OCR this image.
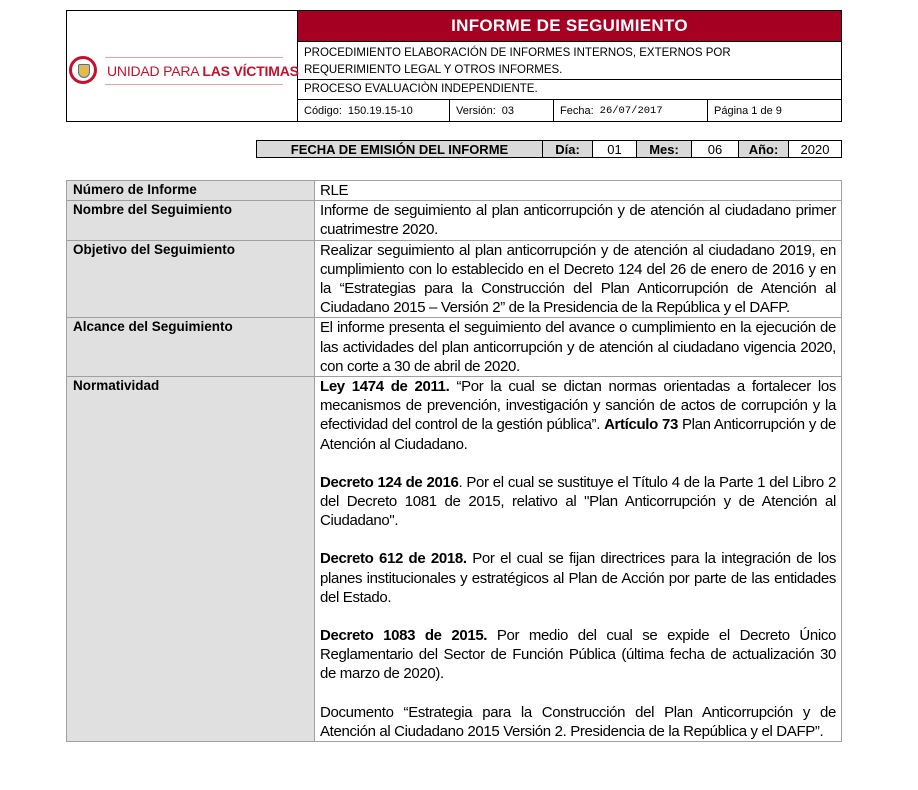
UNIDAD PARA LAS VÍCTIMAS
INFORME DE SEGUIMIENTO
PROCEDIMIENTO ELABORACIÓN DE INFORMES INTERNOS, EXTERNOS POR
REQUERIMIENTO LEGAL Y OTROS INFORMES.
PROCESO EVALUACIÒN INDEPENDIENTE.
Código: 150.19.15-10	Versión: 03	Fecha: 26/07/2017	Página 1 de 9
FECHA DE EMISIÓN DEL INFORME	Día:	01	Mes:	06	Año:	2020
Número de Informe	RLE
Nombre del Seguimiento	Informe de seguimiento al plan anticorrupción y de atención al ciudadano primer cuatrimestre 2020.
Objetivo del Seguimiento	Realizar seguimiento al plan anticorrupción y de atención al ciudadano 2019, en cumplimiento con lo establecido en el Decreto 124 del 26 de enero de 2016 y en la “Estrategias para la Construcción del Plan Anticorrupción de Atención al Ciudadano 2015 – Versión 2” de la Presidencia de la República y el DAFP.
Alcance del Seguimiento	El informe presenta el seguimiento del avance o cumplimiento en la ejecución de las actividades del plan anticorrupción y de atención al ciudadano vigencia 2020, con corte a 30 de abril de 2020.
Normatividad	Ley 1474 de 2011. “Por la cual se dictan normas orientadas a fortalecer los mecanismos de prevención, investigación y sanción de actos de corrupción y la efectividad del control de la gestión pública”. Artículo 73 Plan Anticorrupción y de Atención al Ciudadano.

Decreto 124 de 2016. Por el cual se sustituye el Título 4 de la Parte 1 del Libro 2 del Decreto 1081 de 2015, relativo al "Plan Anticorrupción y de Atención al Ciudadano".

Decreto 612 de 2018. Por el cual se fijan directrices para la integración de los planes institucionales y estratégicos al Plan de Acción por parte de las entidades del Estado.

Decreto 1083 de 2015. Por medio del cual se expide el Decreto Único Reglamentario del Sector de Función Pública (última fecha de actualización 30 de marzo de 2020).

Documento “Estrategia para la Construcción del Plan Anticorrupción y de Atención al Ciudadano 2015 Versión 2. Presidencia de la República y el DAFP”.
